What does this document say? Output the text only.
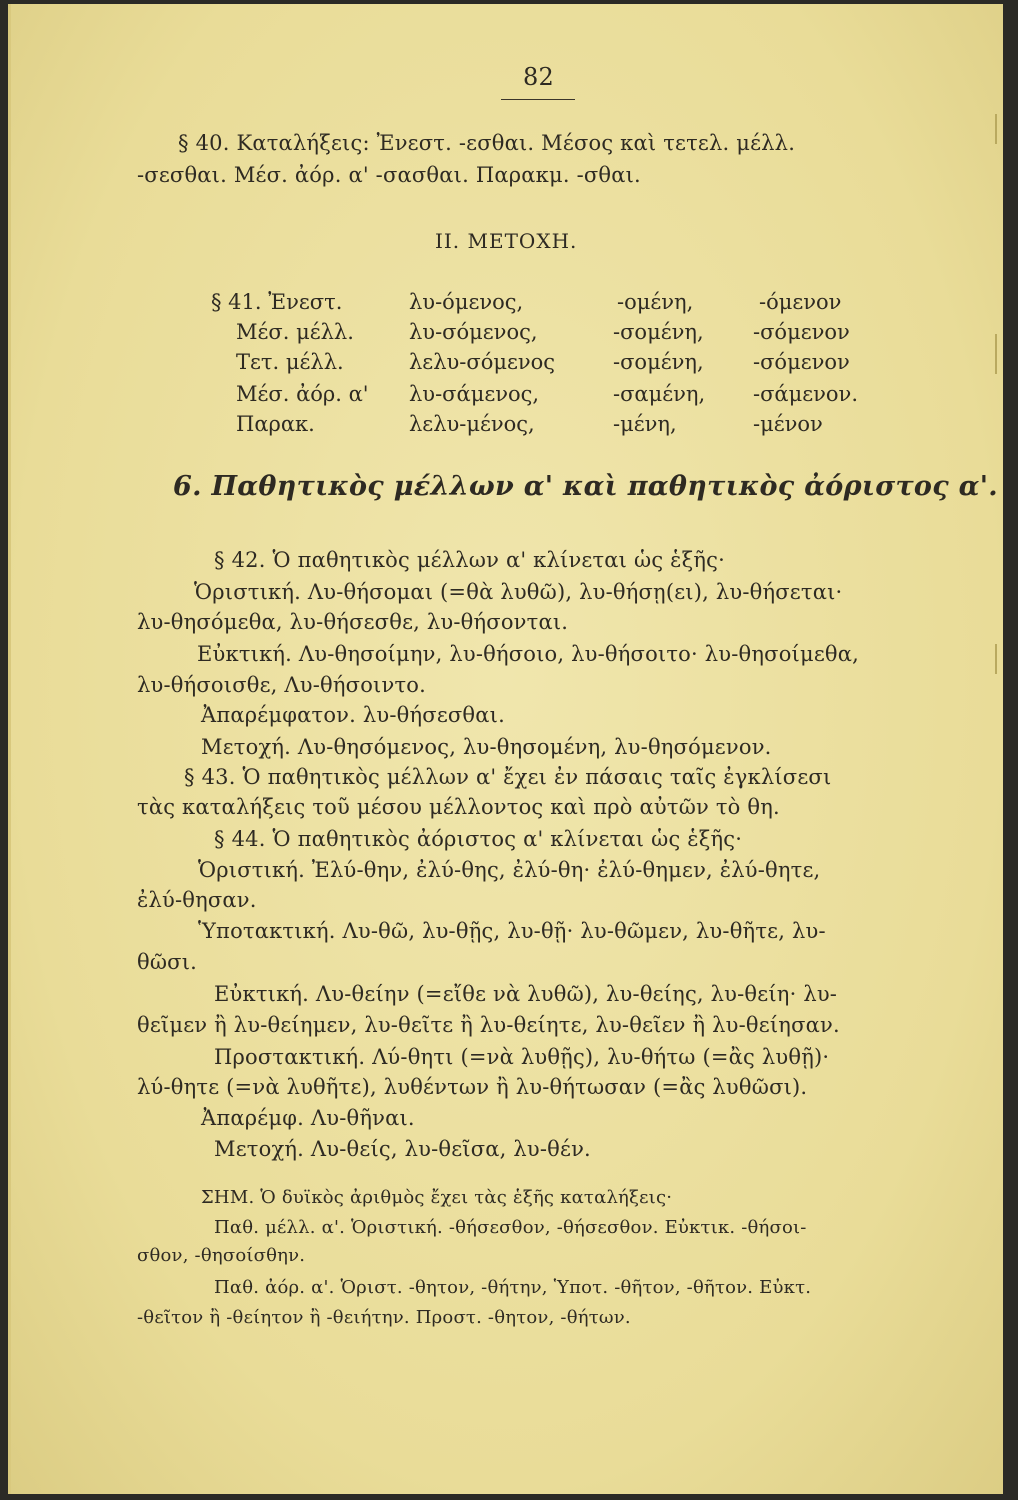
82
§ 40. Καταλήξεις: Ἐνεστ. -εσθαι. Μέσος καὶ τετελ. μέλλ.
-σεσθαι. Μέσ. ἀόρ. α' -σασθαι. Παρακμ. -σθαι.
II. ΜΕΤΟΧΗ.
§ 41. Ἐνεστ.	λυ-όμενος,	-ομένη,	-όμενον
Μέσ. μέλλ.	λυ-σόμενος,	-σομένη, -σόμενον
Τετ. μέλλ.	λελυ-σόμενος	-σομένη, -σόμενον
Μέσ. ἀόρ. α' λυ-σάμενος,	-σαμένη, -σάμενον.
Παρακ.	λελυ-μένος,	-μένη,	-μένον
6. Παθητικὸς μέλλων α' καὶ παθητικὸς ἀόριστος α'.
§ 42. Ὁ παθητικὸς μέλλων α' κλίνεται ὡς ἑξῆς·
Ὁριστική. Λυ-θήσομαι (=θὰ λυθῶ), λυ-θήσῃ(ει), λυ-θήσεται·
λυ-θησόμεθα, λυ-θήσεσθε, λυ-θήσονται.
Εὐκτική. Λυ-θησοίμην, λυ-θήσοιο, λυ-θήσοιτο· λυ-θησοίμεθα,
λυ-θήσοισθε, Λυ-θήσοιντο.
Ἀπαρέμφατον. λυ-θήσεσθαι.
Μετοχή. Λυ-θησόμενος, λυ-θησομένη, λυ-θησόμενον.
§ 43. Ὁ παθητικὸς μέλλων α' ἔχει ἐν πάσαις ταῖς ἐγκλίσεσι
τὰς καταλήξεις τοῦ μέσου μέλλοντος καὶ πρὸ αὐτῶν τὸ θη.
§ 44. Ὁ παθητικὸς ἀόριστος α' κλίνεται ὡς ἑξῆς·
Ὁριστική. Ἐλύ-θην, ἐλύ-θης, ἐλύ-θη· ἐλύ-θημεν, ἐλύ-θητε,
ἐλύ-θησαν.
Ὑποτακτική. Λυ-θῶ, λυ-θῇς, λυ-θῇ· λυ-θῶμεν, λυ-θῆτε, λυ-
θῶσι.
Εὐκτική. Λυ-θείην (=εἴθε νὰ λυθῶ), λυ-θείης, λυ-θείη· λυ-
θεῖμεν ἢ λυ-θείημεν, λυ-θεῖτε ἢ λυ-θείητε, λυ-θεῖεν ἢ λυ-θείησαν.
Προστακτική. Λύ-θητι (=νὰ λυθῇς), λυ-θήτω (=ἂς λυθῇ)·
λύ-θητε (=νὰ λυθῆτε), λυθέντων ἢ λυ-θήτωσαν (=ἂς λυθῶσι).
Ἀπαρέμφ. Λυ-θῆναι.
Μετοχή. Λυ-θείς, λυ-θεῖσα, λυ-θέν.
ΣΗΜ. Ὁ δυϊκὸς ἀριθμὸς ἔχει τὰς ἑξῆς καταλήξεις·
Παθ. μέλλ. α'. Ὁριστική. -θήσεσθον, -θήσεσθον. Εὐκτικ. -θήσοι-
σθον, -θησοίσθην.
Παθ. ἀόρ. α'. Ὁριστ. -θητον, -θήτην, Ὑποτ. -θῆτον, -θῆτον. Εὐκτ.
-θεῖτον ἢ -θείητον ἢ -θειήτην. Προστ. -θητον, -θήτων.
